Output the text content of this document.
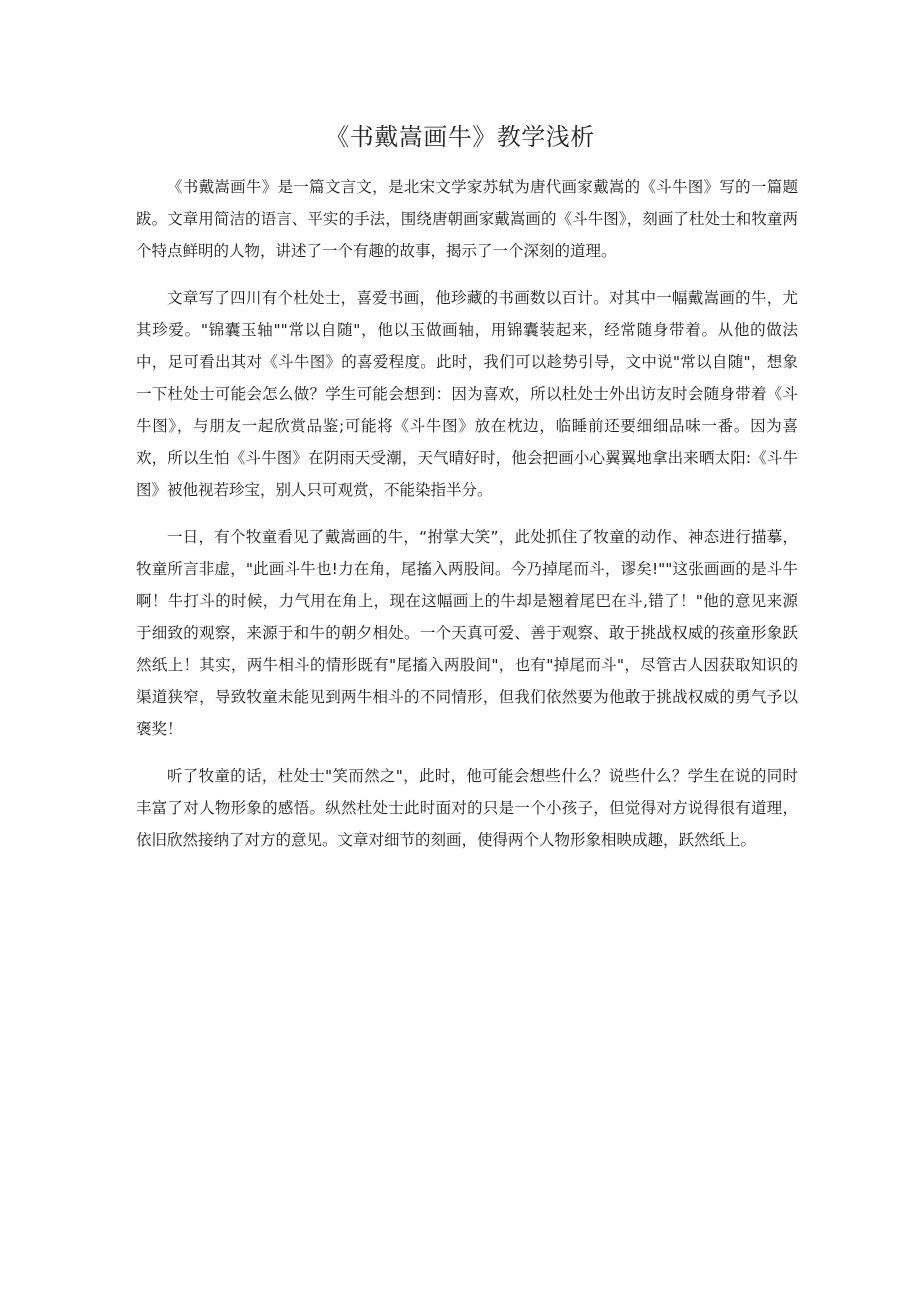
《书戴嵩画牛》教学浅析

《书戴嵩画牛》是一篇文言文，是北宋文学家苏轼为唐代画家戴嵩的《斗牛图》写的一篇题跋。文章用简洁的语言、平实的手法，围绕唐朝画家戴嵩画的《斗牛图》，刻画了杜处士和牧童两个特点鲜明的人物，讲述了一个有趣的故事，揭示了一个深刻的道理。

文章写了四川有个杜处士，喜爱书画，他珍藏的书画数以百计。对其中一幅戴嵩画的牛，尤其珍爱。"锦囊玉轴""常以自随"，他以玉做画轴，用锦囊装起来，经常随身带着。从他的做法中，足可看出其对《斗牛图》的喜爱程度。此时，我们可以趁势引导，文中说"常以自随"，想象一下杜处士可能会怎么做？学生可能会想到：因为喜欢，所以杜处士外出访友时会随身带着《斗牛图》，与朋友一起欣赏品鉴;可能将《斗牛图》放在枕边，临睡前还要细细品味一番。因为喜欢，所以生怕《斗牛图》在阴雨天受潮，天气晴好时，他会把画小心翼翼地拿出来晒太阳:《斗牛图》被他视若珍宝，别人只可观赏，不能染指半分。

一日，有个牧童看见了戴嵩画的牛，“拊掌大笑”，此处抓住了牧童的动作、神态进行描摹，牧童所言非虚，"此画斗牛也!力在角，尾搐入两股间。今乃掉尾而斗，谬矣!""这张画画的是斗牛啊！牛打斗的时候，力气用在角上，现在这幅画上的牛却是翘着尾巴在斗,错了！"他的意见来源于细致的观察，来源于和牛的朝夕相处。一个天真可爱、善于观察、敢于挑战权威的孩童形象跃然纸上！其实，两牛相斗的情形既有"尾搐入两股间"，也有"掉尾而斗"，尽管古人因获取知识的渠道狭窄，导致牧童未能见到两牛相斗的不同情形，但我们依然要为他敢于挑战权威的勇气予以褒奖！

听了牧童的话，杜处士"笑而然之"，此时，他可能会想些什么？说些什么？学生在说的同时丰富了对人物形象的感悟。纵然杜处士此时面对的只是一个小孩子，但觉得对方说得很有道理，依旧欣然接纳了对方的意见。文章对细节的刻画，使得两个人物形象相映成趣，跃然纸上。
